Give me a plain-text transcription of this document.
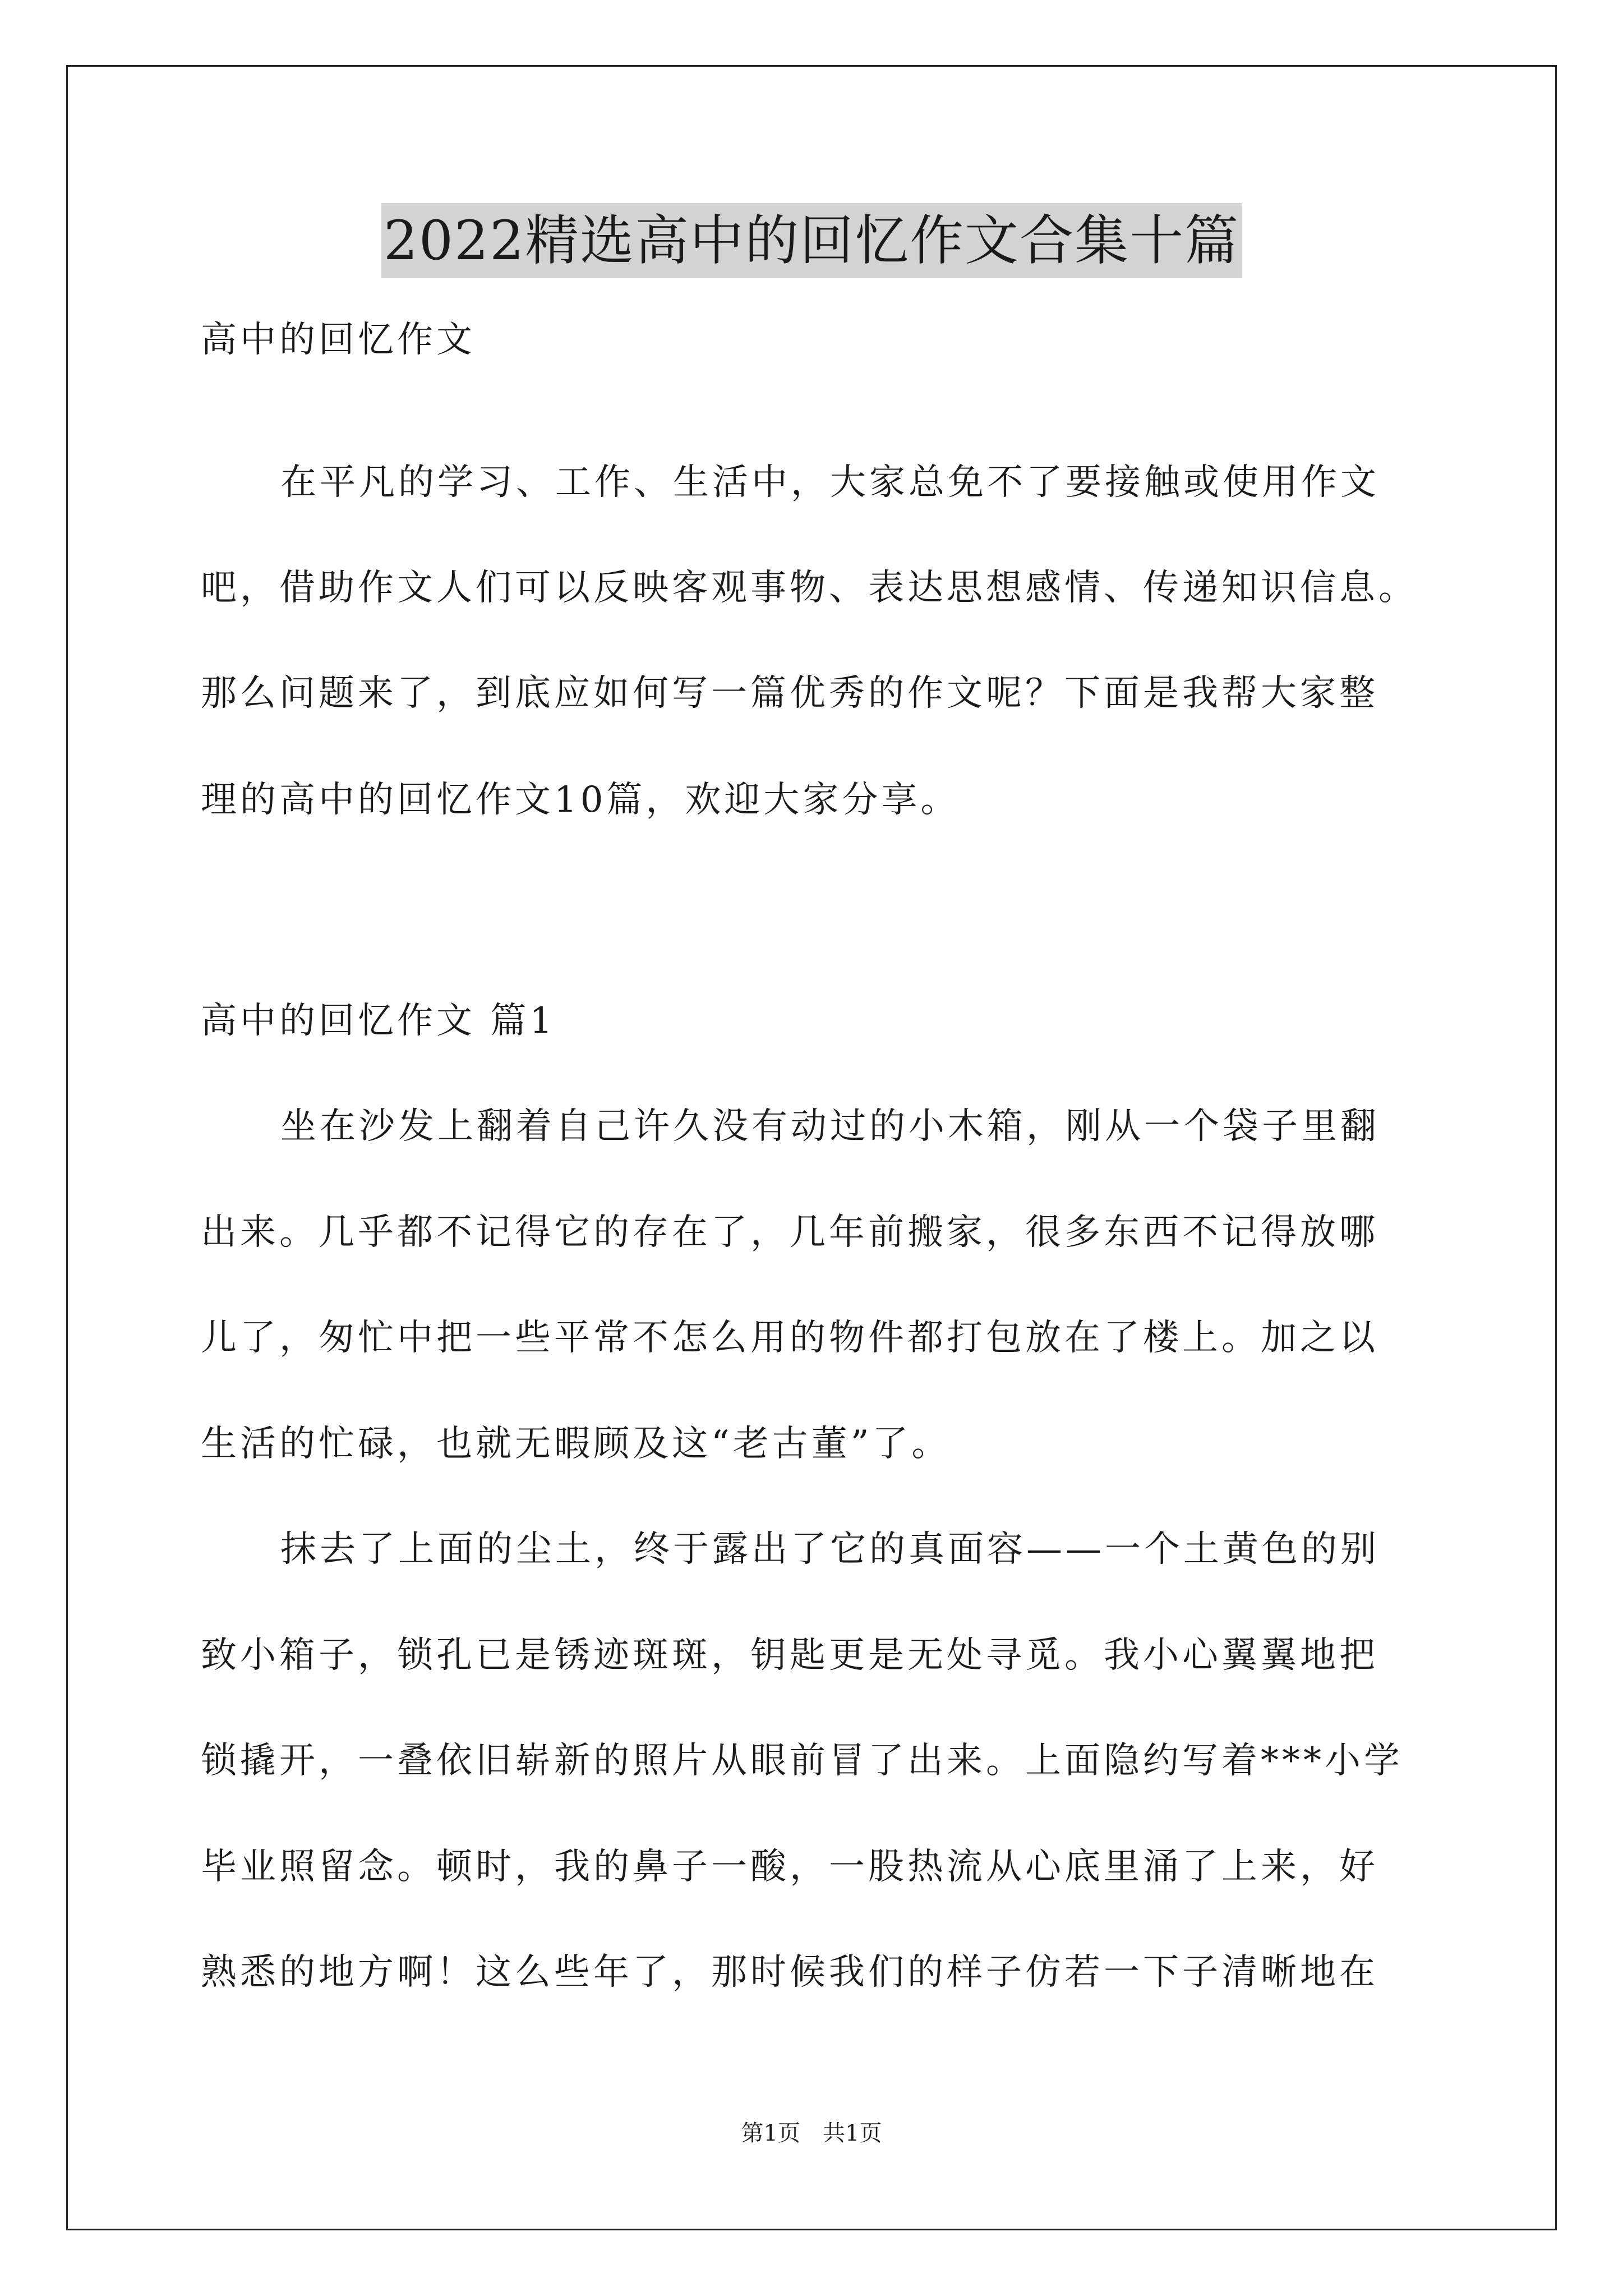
2022精选高中的回忆作文合集十篇
高中的回忆作文
在平凡的学习、工作、生活中，大家总免不了要接触或使用作文
吧，借助作文人们可以反映客观事物、表达思想感情、传递知识信息。
那么问题来了，到底应如何写一篇优秀的作文呢？下面是我帮大家整
理的高中的回忆作文10篇，欢迎大家分享。
高中的回忆作文 篇1
坐在沙发上翻着自己许久没有动过的小木箱，刚从一个袋子里翻
出来。几乎都不记得它的存在了，几年前搬家，很多东西不记得放哪
儿了，匆忙中把一些平常不怎么用的物件都打包放在了楼上。加之以
生活的忙碌，也就无暇顾及这“老古董”了。
抹去了上面的尘土，终于露出了它的真面容——一个土黄色的别
致小箱子，锁孔已是锈迹斑斑，钥匙更是无处寻觅。我小心翼翼地把
锁撬开，一叠依旧崭新的照片从眼前冒了出来。上面隐约写着***小学
毕业照留念。顿时，我的鼻子一酸，一股热流从心底里涌了上来，好
熟悉的地方啊！这么些年了，那时候我们的样子仿若一下子清晰地在
第1页　共1页
